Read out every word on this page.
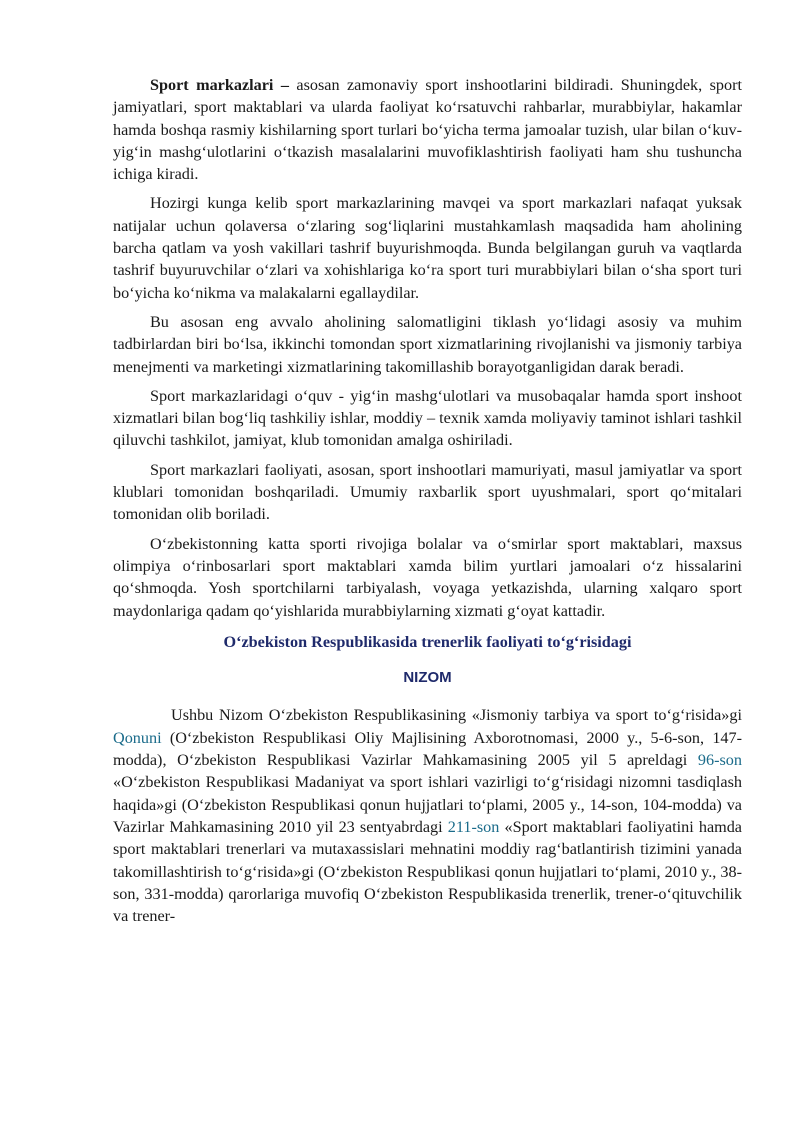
Sport markazlari – asosan zamonaviy sport inshootlarini bildiradi. Shuningdek, sport jamiyatlari, sport maktablari va ularda faoliyat ko‘rsatuvchi rahbarlar, murabbiylar, hakamlar hamda boshqa rasmiy kishilarning sport turlari bo‘yicha terma jamoalar tuzish, ular bilan o‘kuv-yig‘in mashg‘ulotlarini o‘tkazish masalalarini muvofiklashtirish faoliyati ham shu tushuncha ichiga kiradi.

Hozirgi kunga kelib sport markazlarining mavqei va sport markazlari nafaqat yuksak natijalar uchun qolaversa o‘zlaring sog‘liqlarini mustahkamlash maqsadida ham aholining barcha qatlam va yosh vakillari tashrif buyurishmoqda. Bunda belgilangan guruh va vaqtlarda tashrif buyuruvchilar o‘zlari va xohishlariga ko‘ra sport turi murabbiylari bilan o‘sha sport turi bo‘yicha ko‘nikma va malakalarni egallaydilar.

Bu asosan eng avvalo aholining salomatligini tiklash yo‘lidagi asosiy va muhim tadbirlardan biri bo‘lsa, ikkinchi tomondan sport xizmatlarining rivojlanishi va jismoniy tarbiya menejmenti va marketingi xizmatlarining takomillashib borayotganligidan darak beradi.

Sport markazlaridagi o‘quv - yig‘in mashg‘ulotlari va musobaqalar hamda sport inshoot xizmatlari bilan bog‘liq tashkiliy ishlar, moddiy – texnik xamda moliyaviy taminot ishlari tashkil qiluvchi tashkilot, jamiyat, klub tomonidan amalga oshiriladi.

Sport markazlari faoliyati, asosan, sport inshootlari mamuriyati, masul jamiyatlar va sport klublari tomonidan boshqariladi. Umumiy raxbarlik sport uyushmalari, sport qo‘mitalari tomonidan olib boriladi.

O‘zbekistonning katta sporti rivojiga bolalar va o‘smirlar sport maktablari, maxsus olimpiya o‘rinbosarlari sport maktablari xamda bilim yurtlari jamoalari o‘z hissalarini qo‘shmoqda. Yosh sportchilarni tarbiyalash, voyaga yetkazishda, ularning xalqaro sport maydonlariga qadam qo‘yishlarida murabbiylarning xizmati g‘oyat kattadir.

O‘zbekiston Respublikasida trenerlik faoliyati to‘g‘risidagi

NIZOM

Ushbu Nizom O‘zbekiston Respublikasining «Jismoniy tarbiya va sport to‘g‘risida»gi Qonuni (O‘zbekiston Respublikasi Oliy Majlisining Axborotnomasi, 2000 y., 5-6-son, 147-modda), O‘zbekiston Respublikasi Vazirlar Mahkamasining 2005 yil 5 apreldagi 96-son «O‘zbekiston Respublikasi Madaniyat va sport ishlari vazirligi to‘g‘risidagi nizomni tasdiqlash haqida»gi (O‘zbekiston Respublikasi qonun hujjatlari to‘plami, 2005 y., 14-son, 104-modda) va Vazirlar Mahkamasining 2010 yil 23 sentyabrdagi 211-son «Sport maktablari faoliyatini hamda sport maktablari trenerlari va mutaxassislari mehnatini moddiy rag‘batlantirish tizimini yanada takomillashtirish to‘g‘risida»gi (O‘zbekiston Respublikasi qonun hujjatlari to‘plami, 2010 y., 38-son, 331-modda) qarorlariga muvofiq O‘zbekiston Respublikasida trenerlik, trener-o‘qituvchilik va trener-
